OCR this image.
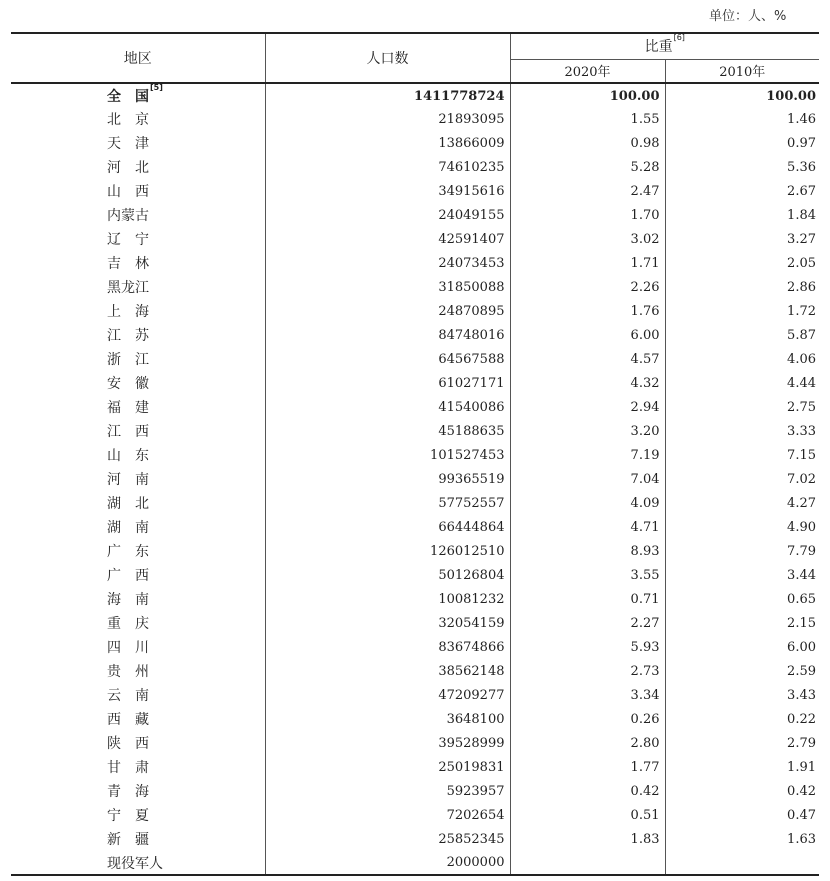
单位：人、%
地区	人口数	比重[6]
		2020年	2010年
全　国[5]	1411778724	100.00	100.00
北　京	21893095	1.55	1.46
天　津	13866009	0.98	0.97
河　北	74610235	5.28	5.36
山　西	34915616	2.47	2.67
内蒙古	24049155	1.70	1.84
辽　宁	42591407	3.02	3.27
吉　林	24073453	1.71	2.05
黑龙江	31850088	2.26	2.86
上　海	24870895	1.76	1.72
江　苏	84748016	6.00	5.87
浙　江	64567588	4.57	4.06
安　徽	61027171	4.32	4.44
福　建	41540086	2.94	2.75
江　西	45188635	3.20	3.33
山　东	101527453	7.19	7.15
河　南	99365519	7.04	7.02
湖　北	57752557	4.09	4.27
湖　南	66444864	4.71	4.90
广　东	126012510	8.93	7.79
广　西	50126804	3.55	3.44
海　南	10081232	0.71	0.65
重　庆	32054159	2.27	2.15
四　川	83674866	5.93	6.00
贵　州	38562148	2.73	2.59
云　南	47209277	3.34	3.43
西　藏	3648100	0.26	0.22
陕　西	39528999	2.80	2.79
甘　肃	25019831	1.77	1.91
青　海	5923957	0.42	0.42
宁　夏	7202654	0.51	0.47
新　疆	25852345	1.83	1.63
现役军人	2000000		
